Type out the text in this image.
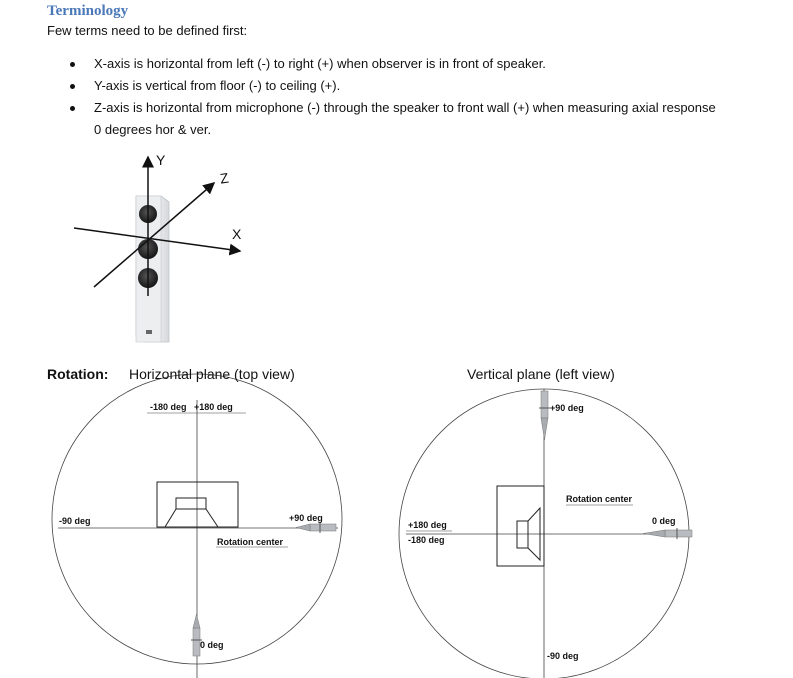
Terminology
Few terms need to be defined first:
X-axis is horizontal from left (-) to right (+) when observer is in front of speaker.
Y-axis is vertical from floor (-) to ceiling (+).
Z-axis is horizontal from microphone (-) through the speaker to front wall (+) when measuring axial response
0 degrees hor & ver.
Y
Z
X
-180 deg +180 deg
-90 deg	+90 deg
Rotation center
0 deg
+90 deg
Rotation center
0 deg
+180 deg
-180 deg
-90 deg
Rotation: Horizontal plane (top view)	Vertical plane (left view)
